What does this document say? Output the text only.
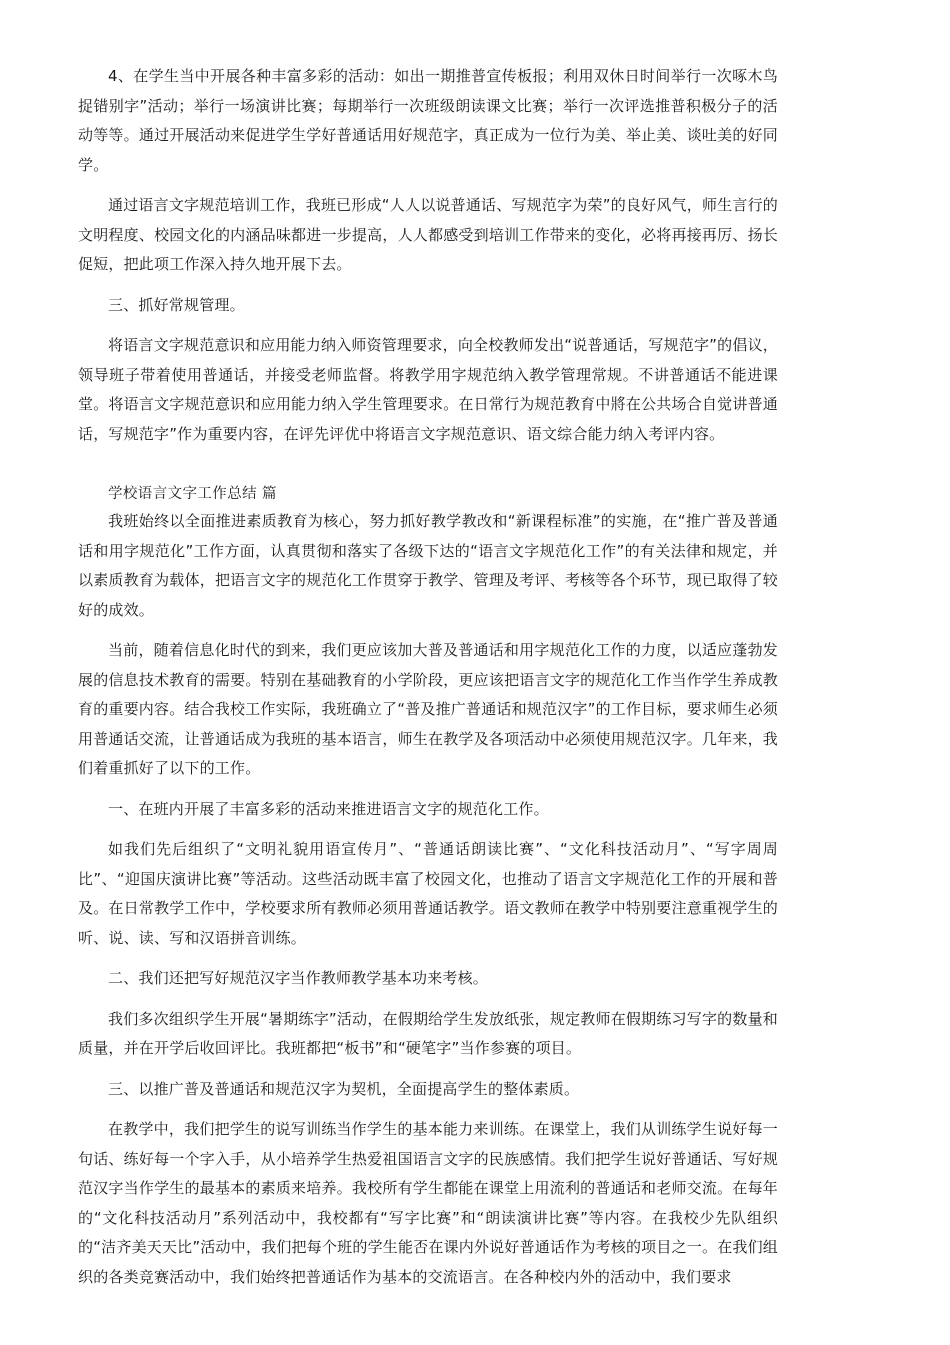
4、在学生当中开展各种丰富多彩的活动：如出一期推普宣传板报；利用双休日时间举行一次啄木鸟捉错别字”活动；举行一场演讲比赛；每期举行一次班级朗读课文比赛；举行一次评选推普积极分子的活动等等。通过开展活动来促进学生学好普通话用好规范字，真正成为一位行为美、举止美、谈吐美的好同学。

通过语言文字规范培训工作，我班已形成“人人以说普通话、写规范字为荣”的良好风气，师生言行的文明程度、校园文化的内涵品味都进一步提高，人人都感受到培训工作带来的变化，必将再接再厉、扬长促短，把此项工作深入持久地开展下去。

三、抓好常规管理。

将语言文字规范意识和应用能力纳入师资管理要求，向全校教师发出“说普通话，写规范字”的倡议，领导班子带着使用普通话，并接受老师监督。将教学用字规范纳入教学管理常规。不讲普通话不能进课堂。将语言文字规范意识和应用能力纳入学生管理要求。在日常行为规范教育中將在公共场合自觉讲普通话，写规范字”作为重要内容，在评先评优中将语言文字规范意识、语文综合能力纳入考评内容。

学校语言文字工作总结 篇

我班始终以全面推进素质教育为核心，努力抓好教学教改和“新课程标准”的实施，在“推广普及普通话和用字规范化”工作方面，认真贯彻和落实了各级下达的“语言文字规范化工作”的有关法律和规定，并以素质教育为载体，把语言文字的规范化工作贯穿于教学、管理及考评、考核等各个环节，现已取得了较好的成效。

当前，随着信息化时代的到来，我们更应该加大普及普通话和用字规范化工作的力度，以适应蓬勃发展的信息技术教育的需要。特别在基础教育的小学阶段，更应该把语言文字的规范化工作当作学生养成教育的重要内容。结合我校工作实际，我班确立了“普及推广普通话和规范汉字”的工作目标，要求师生必须用普通话交流，让普通话成为我班的基本语言，师生在教学及各项活动中必须使用规范汉字。几年来，我们着重抓好了以下的工作。

一、在班内开展了丰富多彩的活动来推进语言文字的规范化工作。

如我们先后组织了“文明礼貌用语宣传月”、“普通话朗读比赛”、“文化科技活动月”、“写字周周比”、“迎国庆演讲比赛”等活动。这些活动既丰富了校园文化，也推动了语言文字规范化工作的开展和普及。在日常教学工作中，学校要求所有教师必须用普通话教学。语文教师在教学中特别要注意重视学生的听、说、读、写和汉语拼音训练。

二、我们还把写好规范汉字当作教师教学基本功来考核。

我们多次组织学生开展“暑期练字”活动，在假期给学生发放纸张，规定教师在假期练习写字的数量和质量，并在开学后收回评比。我班都把“板书”和“硬笔字”当作参赛的项目。

三、以推广普及普通话和规范汉字为契机，全面提高学生的整体素质。

在教学中，我们把学生的说写训练当作学生的基本能力来训练。在课堂上，我们从训练学生说好每一句话、练好每一个字入手，从小培养学生热爱祖国语言文字的民族感情。我们把学生说好普通话、写好规范汉字当作学生的最基本的素质来培养。我校所有学生都能在课堂上用流利的普通话和老师交流。在每年的“文化科技活动月”系列活动中，我校都有“写字比赛”和“朗读演讲比赛”等内容。在我校少先队组织的“洁齐美天天比”活动中，我们把每个班的学生能否在课内外说好普通话作为考核的项目之一。在我们组织的各类竞赛活动中，我们始终把普通话作为基本的交流语言。在各种校内外的活动中，我们要求
